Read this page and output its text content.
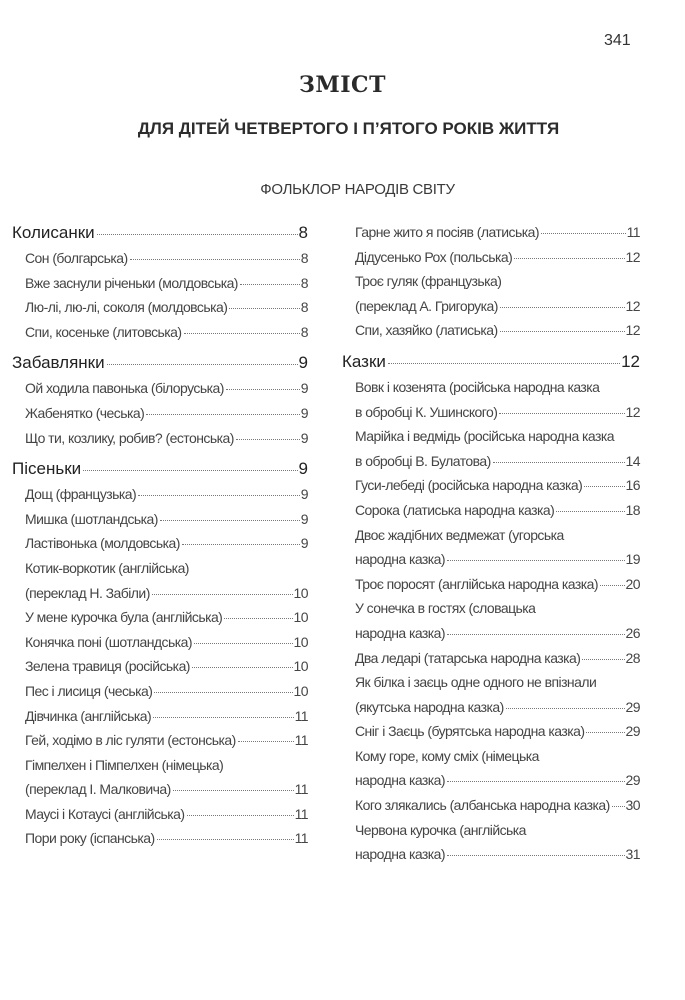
341
ЗМІСТ
ДЛЯ ДІТЕЙ ЧЕТВЕРТОГО І П’ЯТОГО РОКІВ ЖИТТЯ
ФОЛЬКЛОР НАРОДІВ СВІТУ
Колисанки	8
Сон (болгарська)	8
Вже заснули річеньки (молдовська)	8
Лю-лі, лю-лі, соколя (молдовська)	8
Спи, косеньке (литовська)	8
Забавлянки	9
Ой ходила павонька (білоруська)	9
Жабенятко (чеська)	9
Що ти, козлику, робив? (естонська)	9
Пісеньки	9
Дощ (французька)	9
Мишка (шотландська)	9
Ластівонька (молдовська)	9
Котик-воркотик (англійська)
(переклад Н. Забіли)	10
У мене курочка була (англійська)	10
Конячка поні (шотландська)	10
Зелена травиця (російська)	10
Пес і лисиця (чеська)	10
Дівчинка (англійська)	11
Гей, ходімо в ліс гуляти (естонська)	11
Гімпелхен і Пімпелхен (німецька)
(переклад І. Малковича)	11
Маусі і Котаусі (англійська)	11
Пори року (іспанська)	11
Гарне жито я посіяв (латиська)	11
Дідусенько Рох (польська)	12
Троє гуляк (французька)
(переклад А. Григорука)	12
Спи, хазяйко (латиська)	12
Казки	12
Вовк і козенята (російська народна казка
в обробці К. Ушинского)	12
Марійка і ведмідь (російська народна казка
в обробці В. Булатова)	14
Гуси-лебеді (російська народна казка)	16
Сорока (латиська народна казка)	18
Двоє жадібних ведмежат (угорська
народна казка)	19
Троє поросят (англійська народна казка) 20
У сонечка в гостях (словацька
народна казка)	26
Два ледарі (татарська народна казка)	28
Як білка і заєць одне одного не впізнали
(якутська народна казка)	29
Сніг і Заєць (бурятська народна казка)	29
Кому горе, кому сміх (німецька
народна казка)	29
Кого злякались (албанська народна казка) 30
Червона курочка (англійська
народна казка)	31
